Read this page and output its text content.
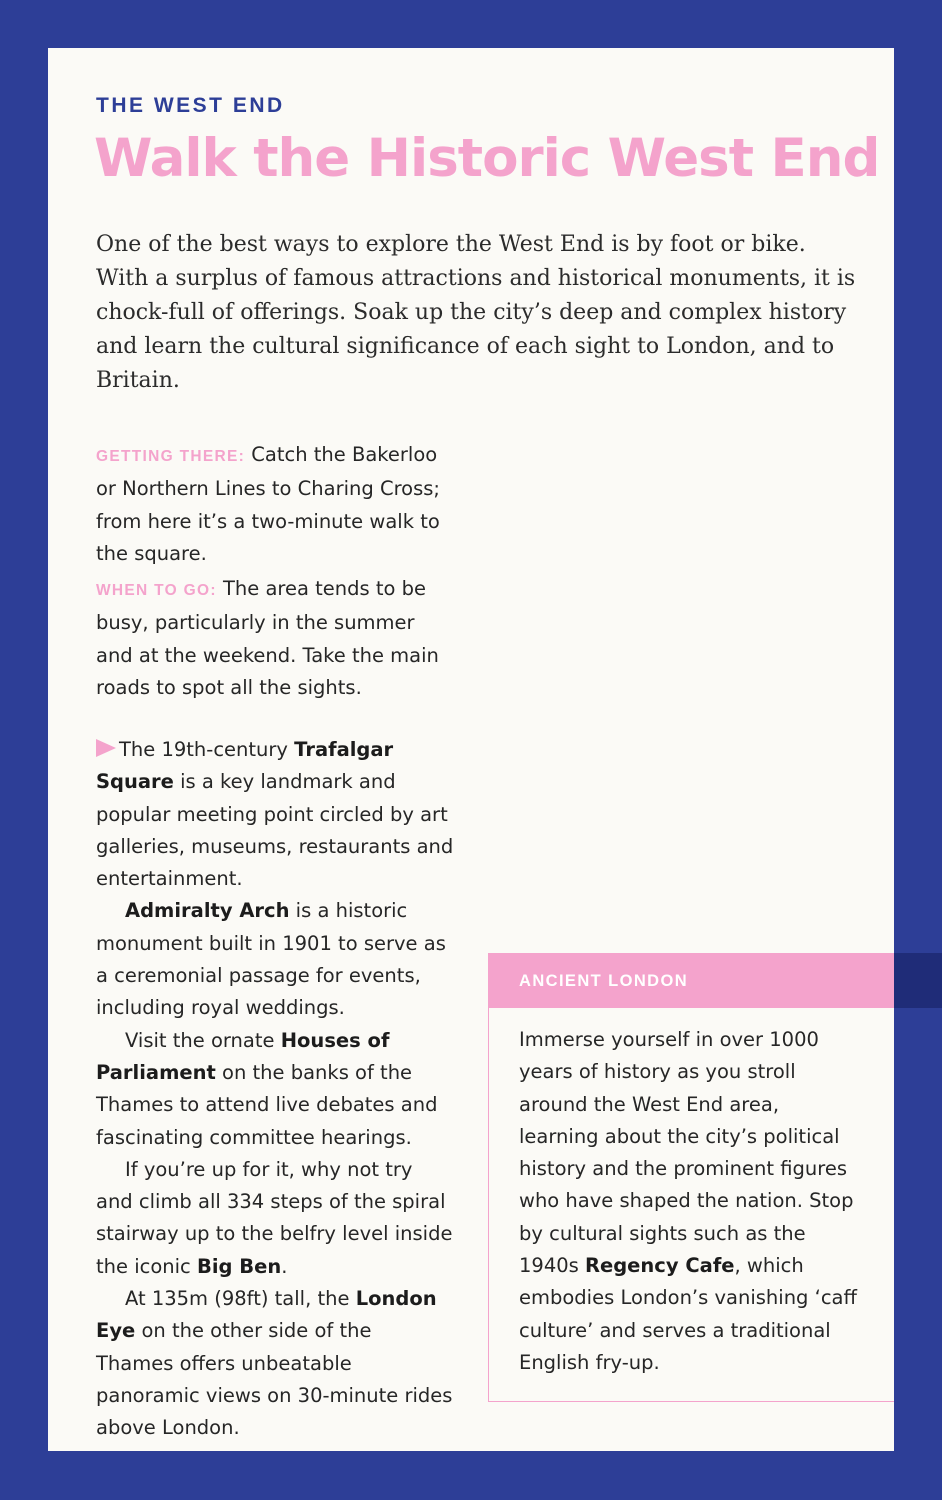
THE WEST END
Walk the Historic West End

One of the best ways to explore the West End is by foot or bike. With a surplus of famous attractions and historical monuments, it is chock-full of offerings. Soak up the city’s deep and complex history and learn the cultural significance of each sight to London, and to Britain.

GETTING THERE: Catch the Bakerloo or Northern Lines to Charing Cross; from here it’s a two-minute walk to the square.

WHEN TO GO: The area tends to be busy, particularly in the summer and at the weekend. Take the main roads to spot all the sights.

The 19th-century Trafalgar Square is a key landmark and popular meeting point circled by art galleries, museums, restaurants and entertainment.

Admiralty Arch is a historic monument built in 1901 to serve as a ceremonial passage for events, including royal weddings.

Visit the ornate Houses of Parliament on the banks of the Thames to attend live debates and fascinating committee hearings.

If you’re up for it, why not try and climb all 334 steps of the spiral stairway up to the belfry level inside the iconic Big Ben.

At 135m (98ft) tall, the London Eye on the other side of the Thames offers unbeatable panoramic views on 30-minute rides above London.

ANCIENT LONDON

Immerse yourself in over 1000 years of history as you stroll around the West End area, learning about the city’s political history and the prominent figures who have shaped the nation. Stop by cultural sights such as the 1940s Regency Cafe, which embodies London’s vanishing ‘caff culture’ and serves a traditional English fry-up.
